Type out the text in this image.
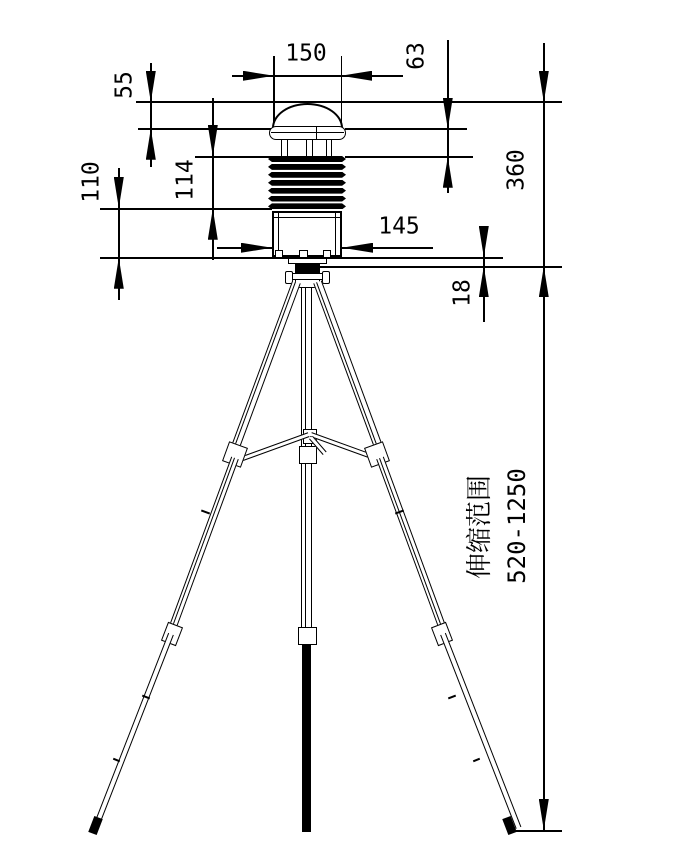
150
55
63
110	114
145
360
18
伸缩范围 520-1250
